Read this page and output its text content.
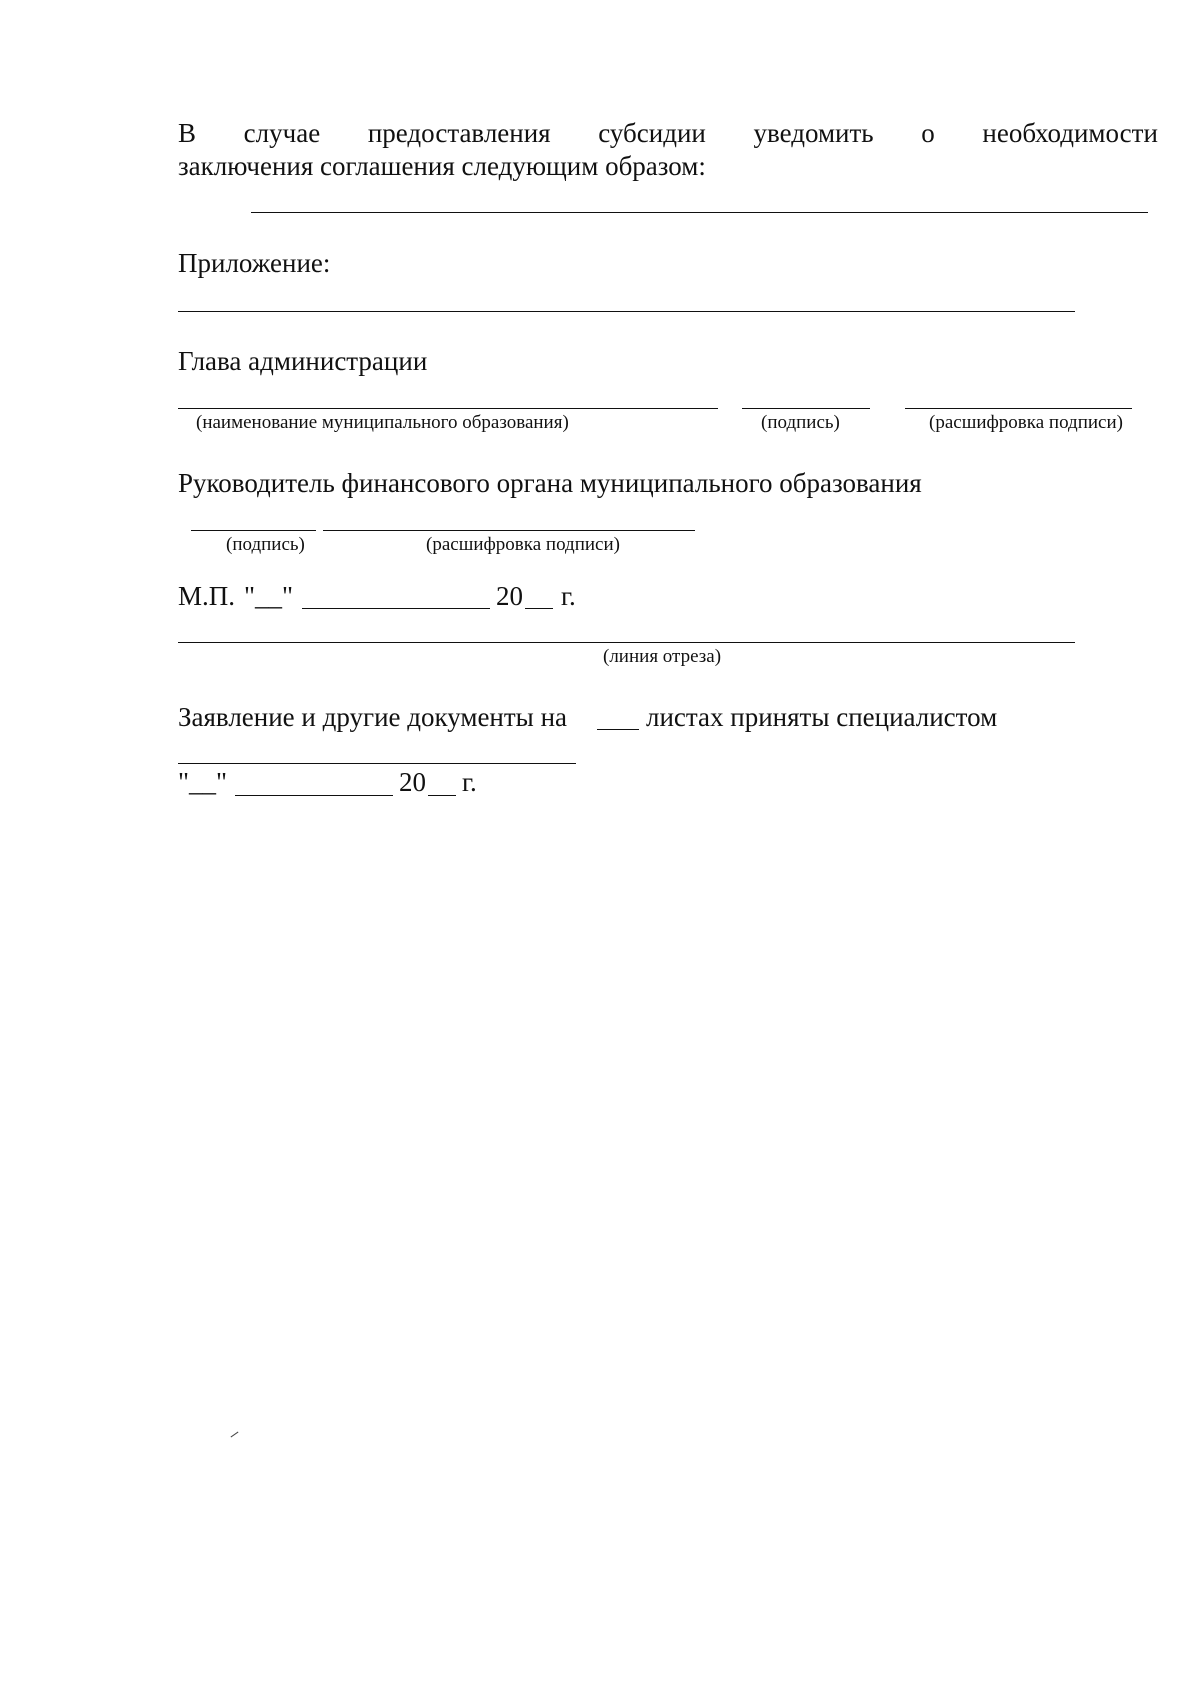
В случае предоставления субсидии уведомить о необходимости
заключения соглашения следующим образом:
Приложение:
Глава администрации
(наименование муниципального образования)	(подпись)	(расшифровка подписи)
Руководитель финансового органа муниципального образования
(подпись)	(расшифровка подписи)
М.П. "__"	20 г.
(линия отреза)
Заявление и другие документы на	листах приняты специалистом
"__"	20 г.
